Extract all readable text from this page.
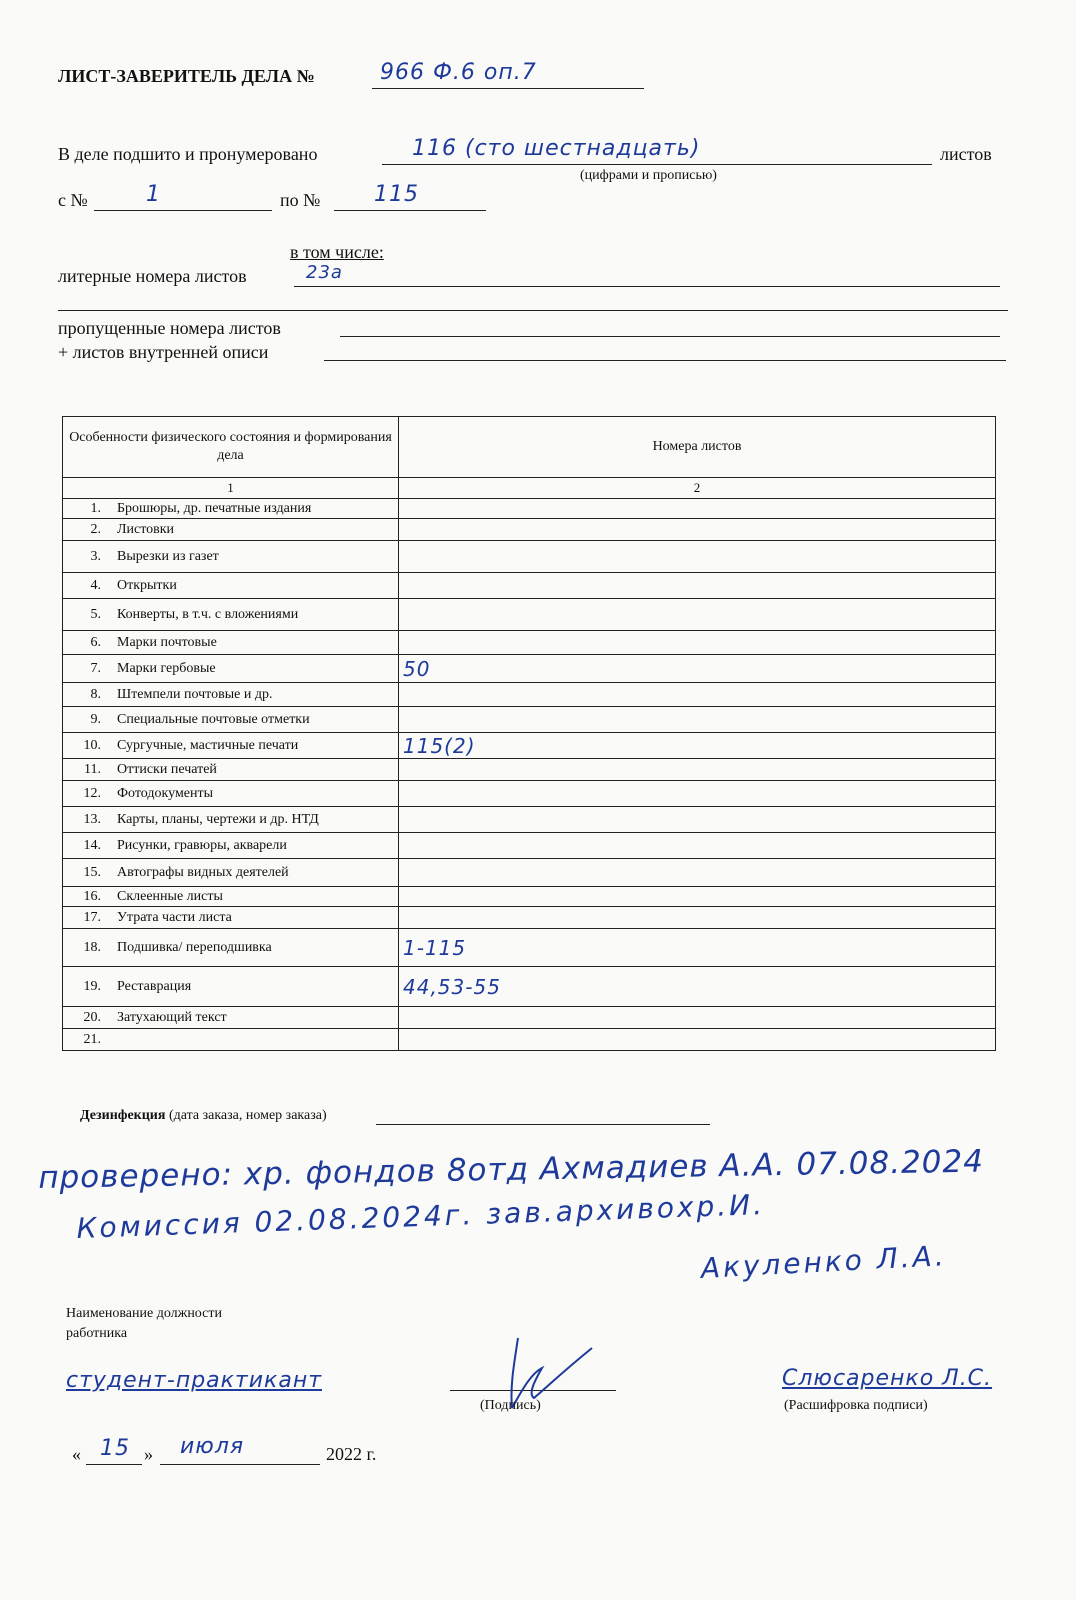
ЛИСТ-ЗАВЕРИТЕЛЬ ДЕЛА №	966 Ф.6 оп.7
В деле подшито и пронумеровано	116 (сто шестнадцать)	листов
(цифрами и прописью)
с №	1	по № 115
в том числе:
литерные номера листов	23а
пропущенные номера листов
+ листов внутренней описи
Особенности физического состояния и формирования дела	Номера листов
1	2
1. Брошюры, др. печатные издания	
2. Листовки	
3. Вырезки из газет	
4. Открытки	
5. Конверты, в т.ч. с вложениями	
6. Марки почтовые	
7. Марки гербовые	50
8. Штемпели почтовые и др.	
9. Специальные почтовые отметки	
10. Сургучные, мастичные печати	115(2)
11. Оттиски печатей	
12. Фотодокументы	
13. Карты, планы, чертежи и др. НТД	
14. Рисунки, гравюры, акварели	
15. Автографы видных деятелей	
16. Склеенные листы	
17. Утрата части листа	
18. Подшивка/ переподшивка	1-115
19. Реставрация	44,53-55
20. Затухающий текст	
21.	
Дезинфекция (дата заказа, номер заказа)
проверено: хр. фондов 8отд Ахмадиев А.А. 07.08.2024
Комиссия 02.08.2024г. зав.архивохр.И.
Акуленко Л.А.
Наименование должности
работника
студент-практикант
(Подпись)
Слюсаренко Л.С.
(Расшифровка подписи)
« 15 » июля	2022 г.
